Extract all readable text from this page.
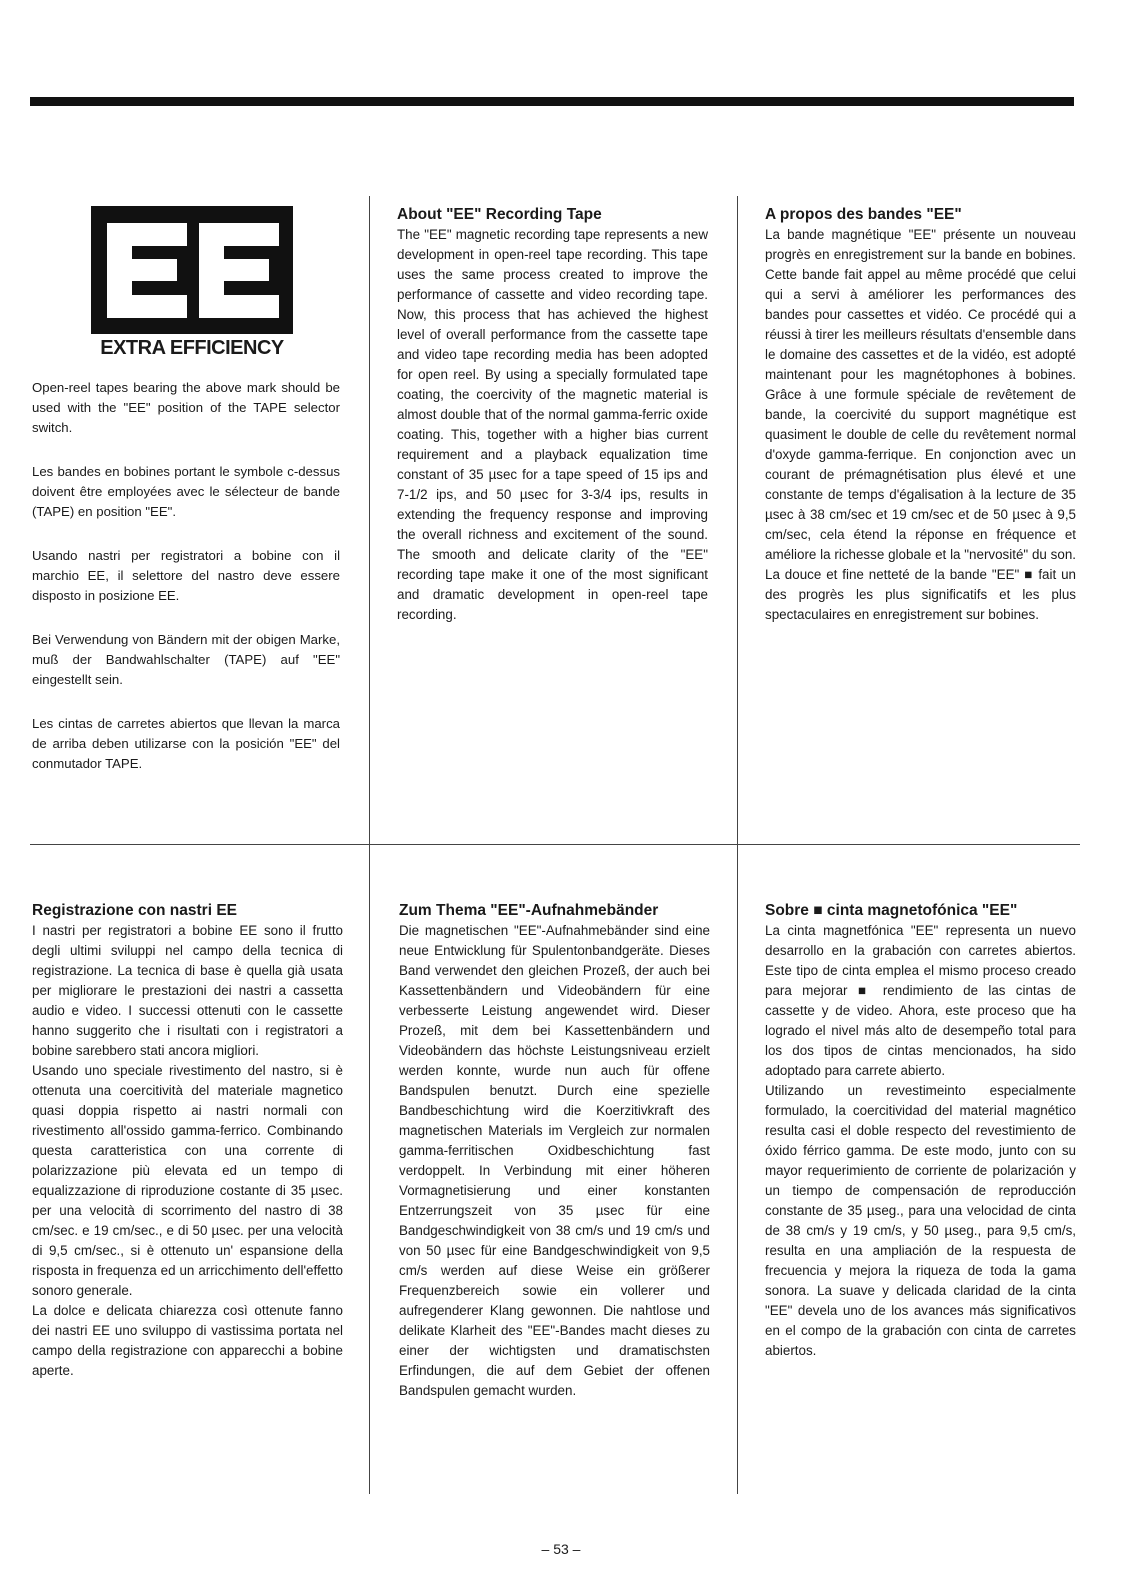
EXTRA EFFICIENCY

Open-reel tapes bearing the above mark should be used with the "EE" position of the TAPE selector switch.

Les bandes en bobines portant le symbole c-dessus doivent être employées avec le sélecteur de bande (TAPE) en position "EE".

Usando nastri per registratori a bobine con il marchio EE, il selettore del nastro deve essere disposto in posizione EE.

Bei Verwendung von Bändern mit der obigen Marke, muß der Bandwahlschalter (TAPE) auf "EE" eingestellt sein.

Les cintas de carretes abiertos que llevan la marca de arriba deben utilizarse con la posición "EE" del conmutador TAPE.

About "EE" Recording Tape

The "EE" magnetic recording tape represents a new development in open-reel tape recording. This tape uses the same process created to improve the performance of cassette and video recording tape. Now, this process that has achieved the highest level of overall performance from the cassette tape and video tape recording media has been adopted for open reel. By using a specially formulated tape coating, the coercivity of the magnetic material is almost double that of the normal gamma-ferric oxide coating. This, together with a higher bias current requirement and a playback equalization time constant of 35 µsec for a tape speed of 15 ips and 7-1/2 ips, and 50 µsec for 3-3/4 ips, results in extending the frequency response and improving the overall richness and excitement of the sound. The smooth and delicate clarity of the "EE" recording tape make it one of the most significant and dramatic development in open-reel tape recording.

A propos des bandes "EE"

La bande magnétique "EE" présente un nouveau progrès en enregistrement sur la bande en bobines. Cette bande fait appel au même procédé que celui qui a servi à améliorer les performances des bandes pour cassettes et vidéo. Ce procédé qui a réussi à tirer les meilleurs résultats d'ensemble dans le domaine des cassettes et de la vidéo, est adopté maintenant pour les magnétophones à bobines. Grâce à une formule spéciale de revêtement de bande, la coercivité du support magnétique est quasiment le double de celle du revêtement normal d'oxyde gamma-ferrique. En conjonction avec un courant de prémagnétisation plus élevé et une constante de temps d'égalisation à la lecture de 35 µsec à 38 cm/sec et 19 cm/sec et de 50 µsec à 9,5 cm/sec, cela étend la réponse en fréquence et améliore la richesse globale et la "nervosité" du son. La douce et fine netteté de la bande "EE" ■ fait un des progrès les plus significatifs et les plus spectaculaires en enregistrement sur bobines.

Registrazione con nastri EE

I nastri per registratori a bobine EE sono il frutto degli ultimi sviluppi nel campo della tecnica di registrazione. La tecnica di base è quella già usata per migliorare le prestazioni dei nastri a cassetta audio e video. I successi ottenuti con le cassette hanno suggerito che i risultati con i registratori a bobine sarebbero stati ancora migliori.

Usando uno speciale rivestimento del nastro, si è ottenuta una coercitività del materiale magnetico quasi doppia rispetto ai nastri normali con rivestimento all'ossido gamma-ferrico. Combinando questa caratteristica con una corrente di polarizzazione più elevata ed un tempo di equalizzazione di riproduzione costante di 35 µsec. per una velocità di scorrimento del nastro di 38 cm/sec. e 19 cm/sec., e di 50 µsec. per una velocità di 9,5 cm/sec., si è ottenuto un' espansione della risposta in frequenza ed un arricchimento dell'effetto sonoro generale.

La dolce e delicata chiarezza così ottenute fanno dei nastri EE uno sviluppo di vastissima portata nel campo della registrazione con apparecchi a bobine aperte.

Zum Thema "EE"-Aufnahmebänder

Die magnetischen "EE"-Aufnahmebänder sind eine neue Entwicklung für Spulentonbandgeräte. Dieses Band verwendet den gleichen Prozeß, der auch bei Kassettenbändern und Videobändern für eine verbesserte Leistung angewendet wird. Dieser Prozeß, mit dem bei Kassettenbändern und Videobändern das höchste Leistungsniveau erzielt werden konnte, wurde nun auch für offene Bandspulen benutzt. Durch eine spezielle Bandbeschichtung wird die Koerzitivkraft des magnetischen Materials im Vergleich zur normalen gamma-ferritischen Oxidbeschichtung fast verdoppelt. In Verbindung mit einer höheren Vormagnetisierung und einer konstanten Entzerrungszeit von 35 µsec für eine Bandgeschwindigkeit von 38 cm/s und 19 cm/s und von 50 µsec für eine Bandgeschwindigkeit von 9,5 cm/s werden auf diese Weise ein größerer Frequenzbereich sowie ein vollerer und aufregenderer Klang gewonnen. Die nahtlose und delikate Klarheit des "EE"-Bandes macht dieses zu einer der wichtigsten und dramatischsten Erfindungen, die auf dem Gebiet der offenen Bandspulen gemacht wurden.

Sobre ■ cinta magnetofónica "EE"

La cinta magnetfónica "EE" representa un nuevo desarrollo en la grabación con carretes abiertos. Este tipo de cinta emplea el mismo proceso creado para mejorar ■ rendimiento de las cintas de cassette y de video. Ahora, este proceso que ha logrado el nivel más alto de desempeño total para los dos tipos de cintas mencionados, ha sido adoptado para carrete abierto.

Utilizando un revestimeinto especialmente formulado, la coercitividad del material magnético resulta casi el doble respecto del revestimiento de óxido férrico gamma. De este modo, junto con su mayor requerimiento de corriente de polarización y un tiempo de compensación de reproducción constante de 35 µseg., para una velocidad de cinta de 38 cm/s y 19 cm/s, y 50 µseg., para 9,5 cm/s, resulta en una ampliación de la respuesta de frecuencia y mejora la riqueza de toda la gama sonora. La suave y delicada claridad de la cinta "EE" devela uno de los avances más significativos en el compo de la grabación con cinta de carretes abiertos.

– 53 –
